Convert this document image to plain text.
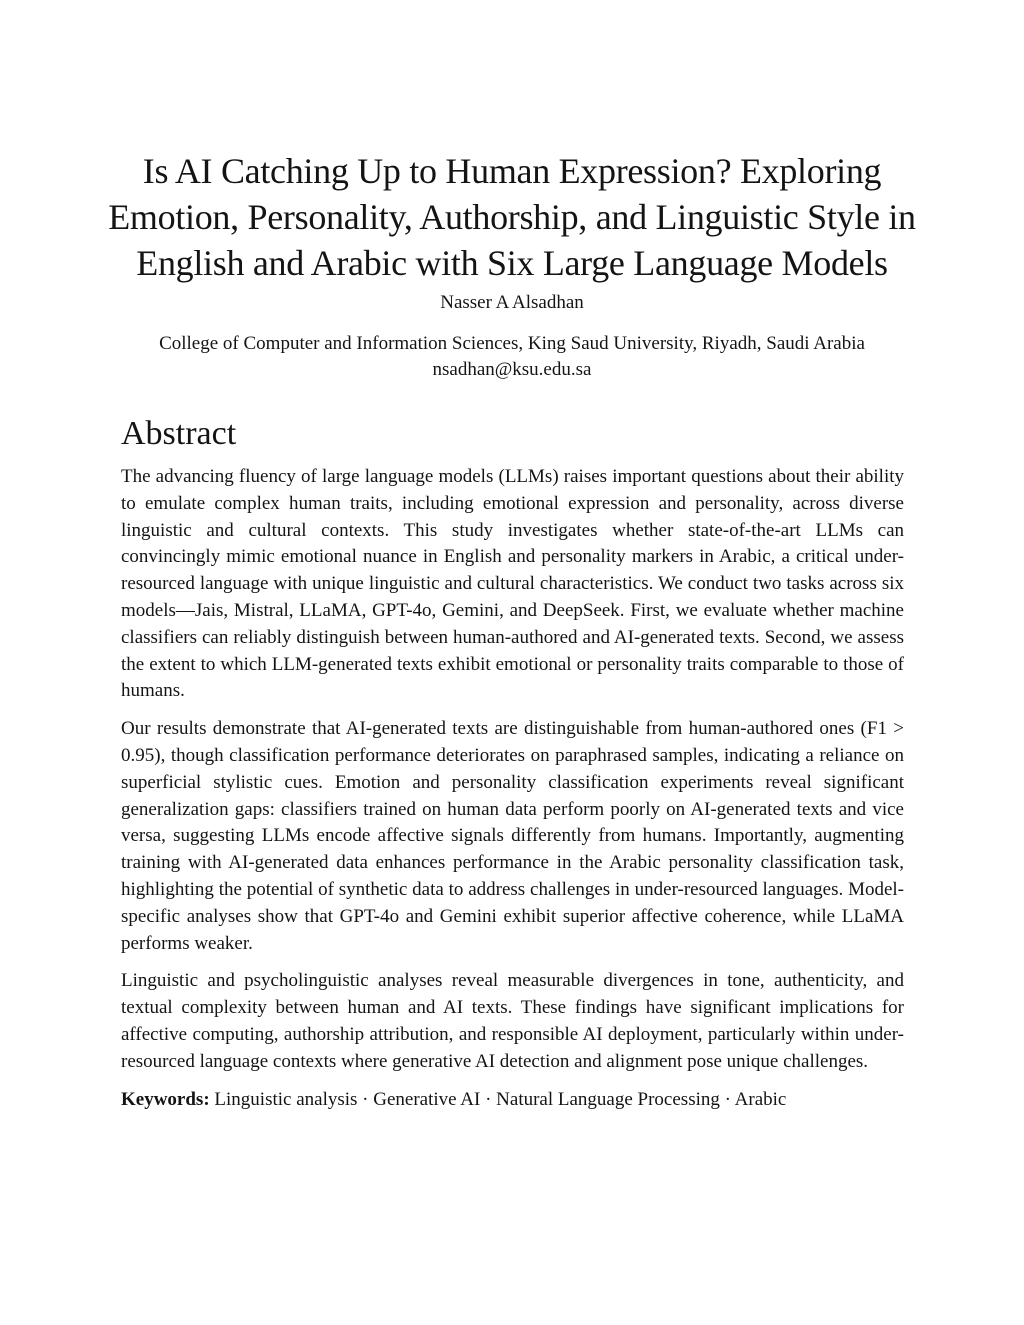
Is AI Catching Up to Human Expression? Exploring
Emotion, Personality, Authorship, and Linguistic Style in
English and Arabic with Six Large Language Models

Nasser A Alsadhan

College of Computer and Information Sciences, King Saud University, Riyadh, Saudi Arabia

nsadhan@ksu.edu.sa

Abstract

The advancing fluency of large language models (LLMs) raises important questions about their ability to emulate complex human traits, including emotional expression and personality, across diverse linguistic and cultural contexts. This study investigates whether state-of-the-art LLMs can convincingly mimic emotional nuance in English and personality markers in Arabic, a critical under-resourced language with unique linguistic and cultural characteristics. We conduct two tasks across six models—Jais, Mistral, LLaMA, GPT-4o, Gemini, and DeepSeek. First, we evaluate whether machine classifiers can reliably distinguish between human-authored and AI-generated texts. Second, we assess the extent to which LLM-generated texts exhibit emotional or personality traits comparable to those of humans.

Our results demonstrate that AI-generated texts are distinguishable from human-authored ones (F1 > 0.95), though classification performance deteriorates on paraphrased samples, indicating a reliance on superficial stylistic cues. Emotion and personality classification experiments reveal significant generalization gaps: classifiers trained on human data perform poorly on AI-generated texts and vice versa, suggesting LLMs encode affective signals differently from humans. Importantly, augmenting training with AI-generated data enhances performance in the Arabic personality classification task, highlighting the potential of synthetic data to address challenges in under-resourced languages. Model-specific analyses show that GPT-4o and Gemini exhibit superior affective coherence, while LLaMA performs weaker.

Linguistic and psycholinguistic analyses reveal measurable divergences in tone, authenticity, and textual complexity between human and AI texts. These findings have significant implications for affective computing, authorship attribution, and responsible AI deployment, particularly within under-resourced language contexts where generative AI detection and alignment pose unique challenges.

Keywords: Linguistic analysis · Generative AI · Natural Language Processing · Arabic
